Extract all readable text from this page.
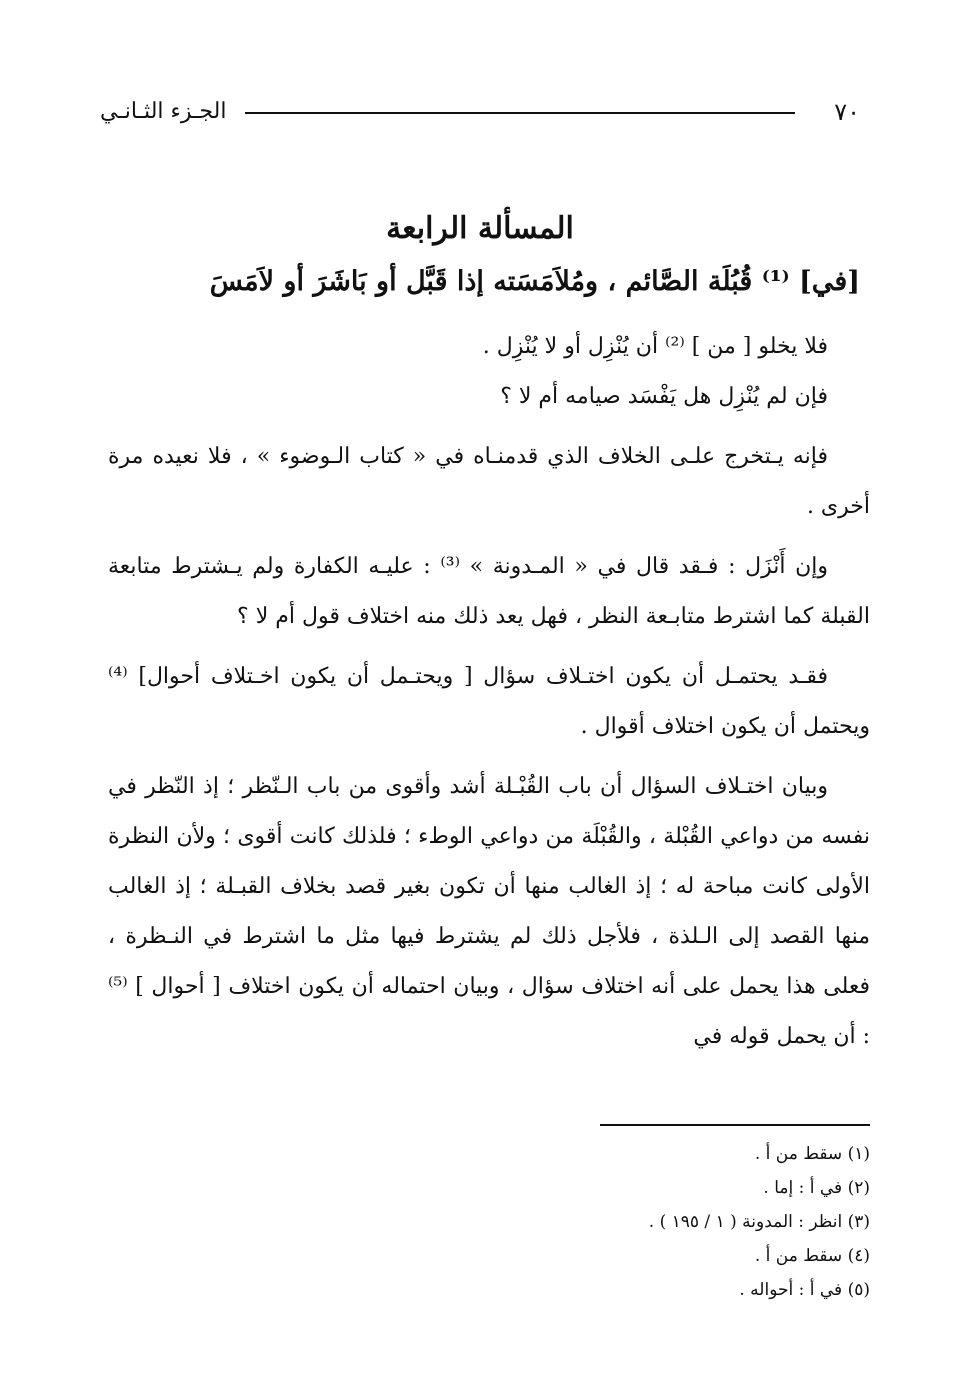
٧٠
الجـزء الثـانـي
المسألة الرابعة
[في] ⁽¹⁾ قُبُلَة الصَّائم ، ومُلاَمَسَته إذا قَبَّل أو بَاشَرَ أو لاَمَسَ

فلا يخلو [ من ] ⁽²⁾ أن يُنْزِل أو لا يُنْزِل .

فإن لم يُنْزِل هل يَفْسَد صيامه أم لا ؟

فإنه يـتخرج علـى الخلاف الذي قدمنـاه في « كتاب الـوضوء » ، فلا نعيده مرة أخرى .

وإن أَنْزَل : فـقد قال في « المـدونة » ⁽³⁾ : عليـه الكفارة ولم يـشترط متابعة القبلة كما اشترط متابـعة النظر ، فهل يعد ذلك منه اختلاف قول أم لا ؟

فقـد يحتمـل أن يكون اختـلاف سؤال [ ويحتـمل أن يكون اخـتلاف أحوال] ⁽⁴⁾ ويحتمل أن يكون اختلاف أقوال .

وبيان اختـلاف السؤال أن باب القُبْـلة أشد وأقوى من باب الـنّظر ؛ إذ النّظر في نفسه من دواعي القُبْلة ، والقُبْلَة من دواعي الوطء ؛ فلذلك كانت أقوى ؛ ولأن النظرة الأولى كانت مباحة له ؛ إذ الغالب منها أن تكون بغير قصد بخلاف القبـلة ؛ إذ الغالب منها القصد إلى الـلذة ، فلأجل ذلك لم يشترط فيها مثل ما اشترط في النـظرة ، فعلى هذا يحمل على أنه اختلاف سؤال ، وبيان احتماله أن يكون اختلاف [ أحوال ] ⁽⁵⁾ : أن يحمل قوله في

(١) سقط من أ .
(٢) في أ : إما .
(٣) انظر : المدونة ( ١ / ١٩٥ ) .
(٤) سقط من أ .
(٥) في أ : أحواله .
